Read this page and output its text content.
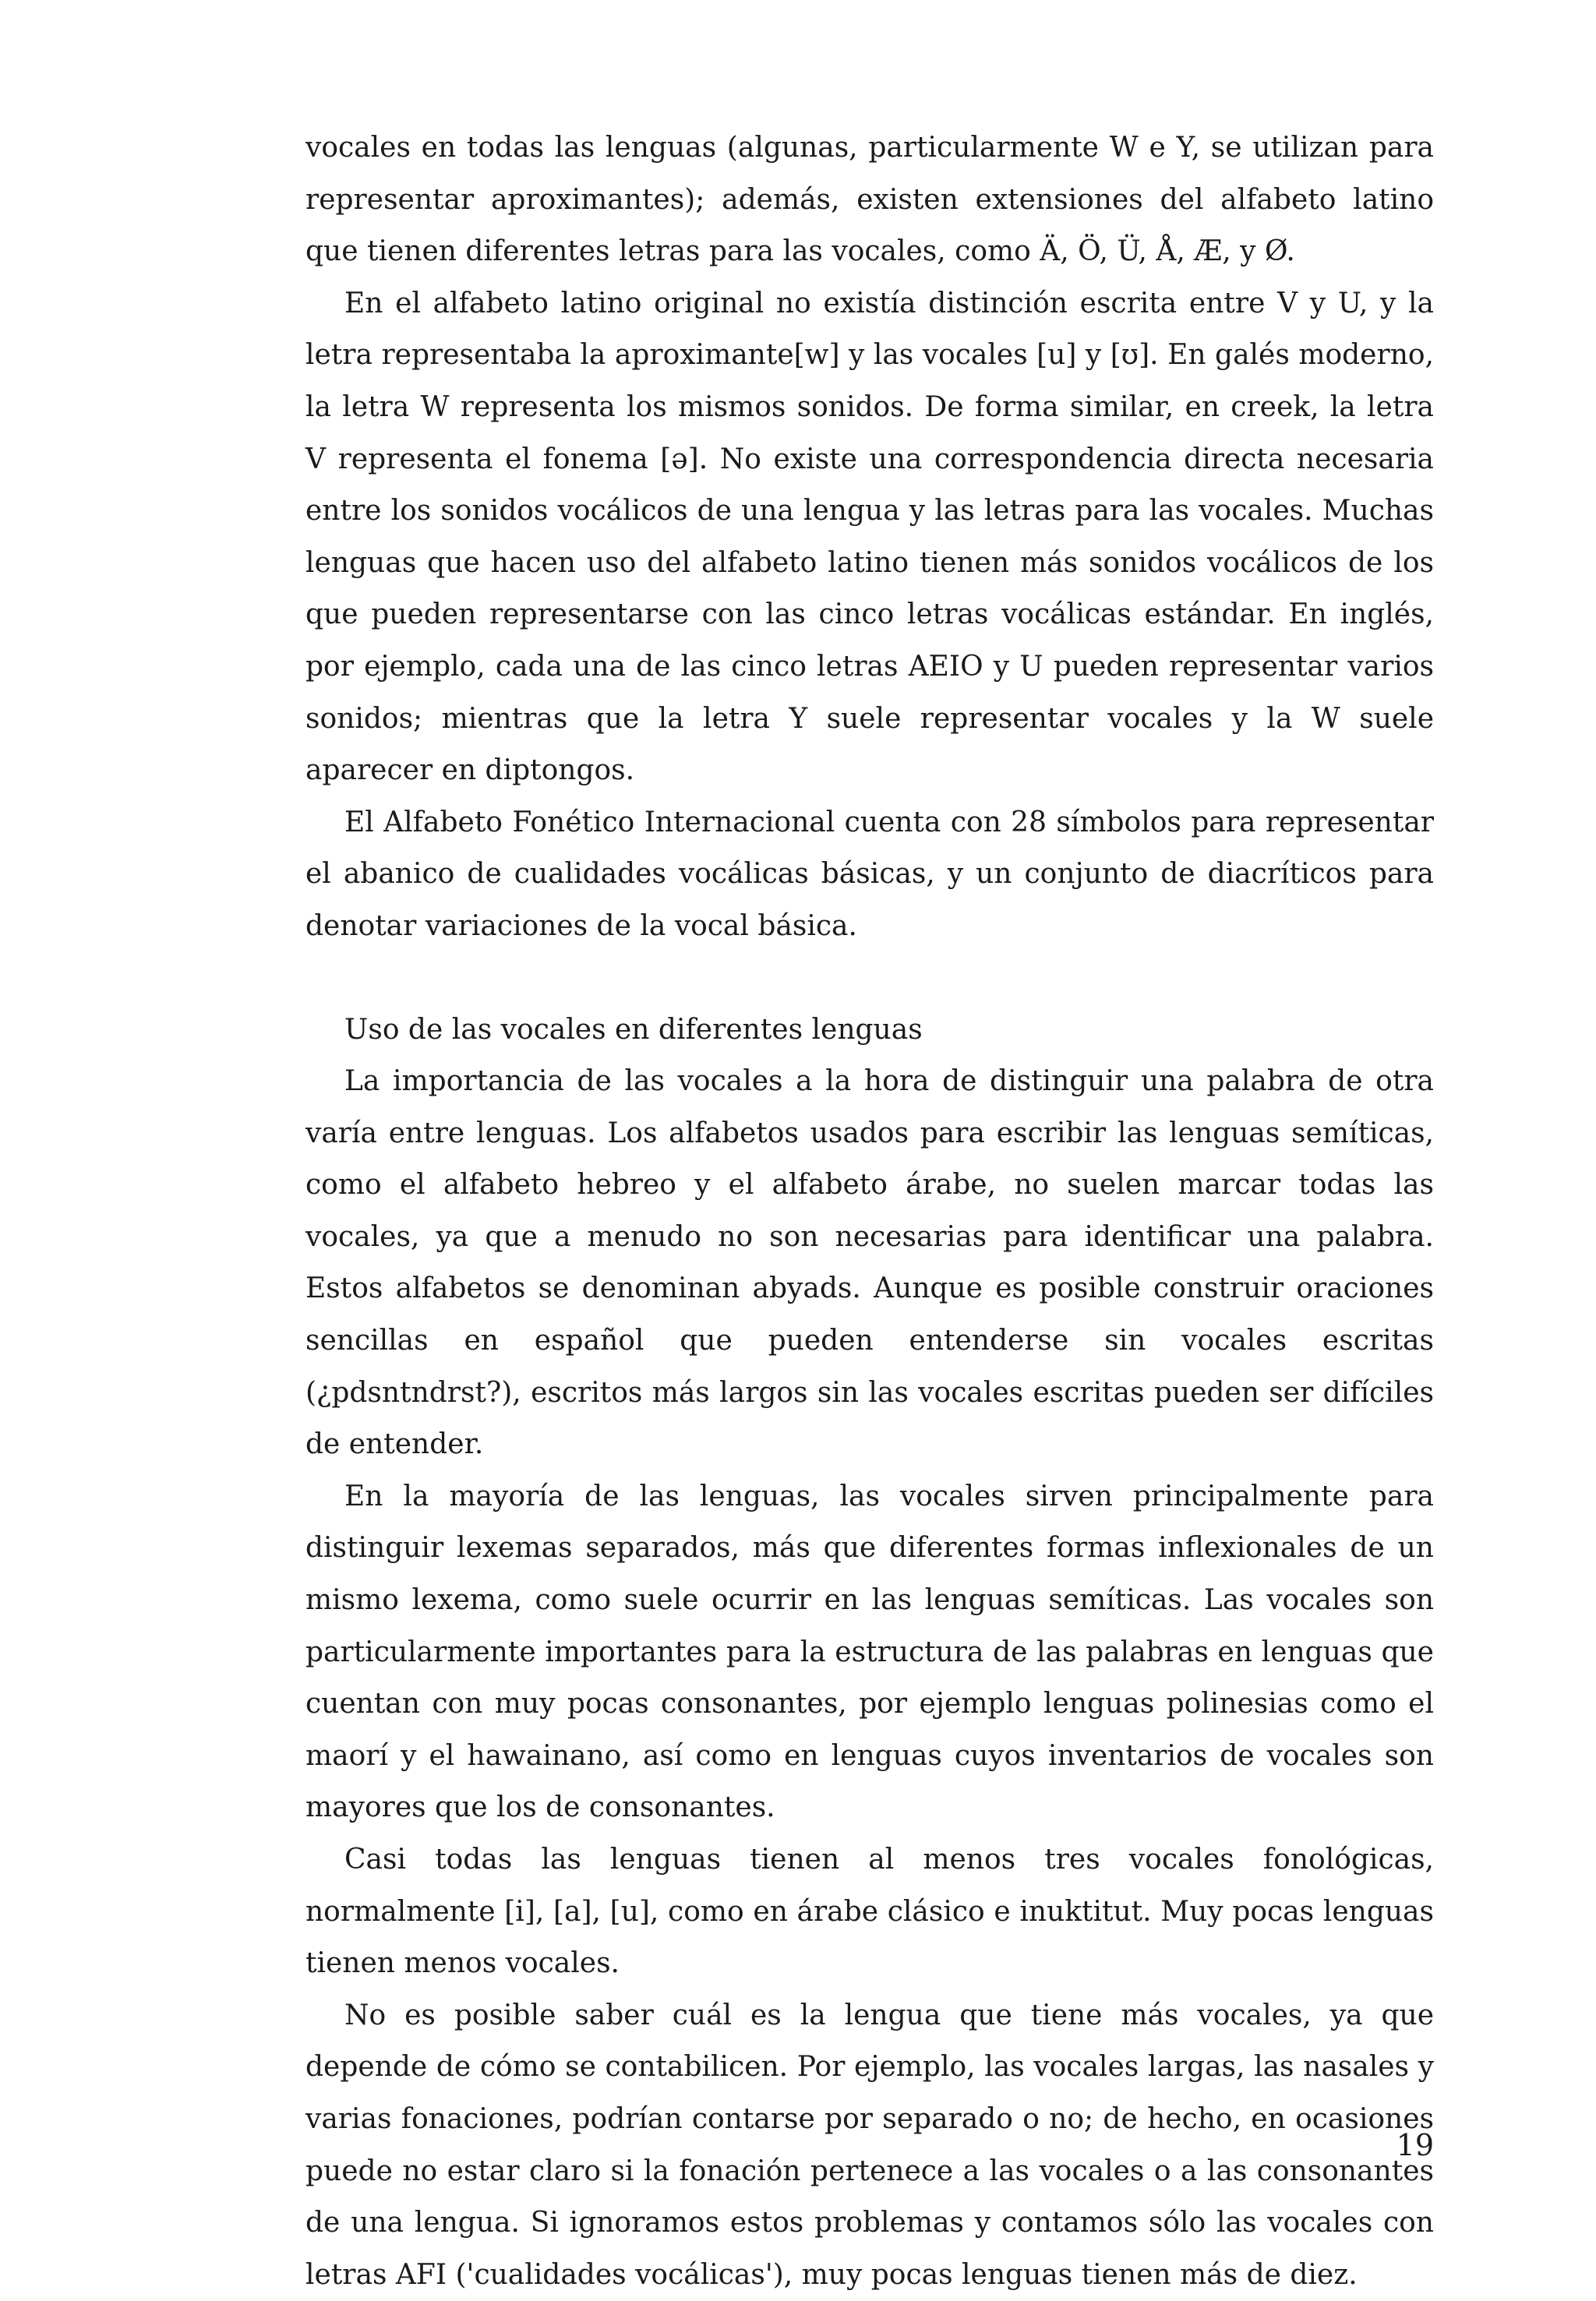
vocales en todas las lenguas (algunas, particularmente W e Y, se utilizan para representar aproximantes); además, existen extensiones del alfabeto latino que tienen diferentes letras para las vocales, como Ä, Ö, Ü, Å, Æ, y Ø.

En el alfabeto latino original no existía distinción escrita entre V y U, y la letra representaba la aproximante[w] y las vocales [u] y [ʊ]. En galés moderno, la letra W representa los mismos sonidos. De forma similar, en creek, la letra V representa el fonema [ə]. No existe una correspondencia directa necesaria entre los sonidos vocálicos de una lengua y las letras para las vocales. Muchas lenguas que hacen uso del alfabeto latino tienen más sonidos vocálicos de los que pueden representarse con las cinco letras vocálicas estándar. En inglés, por ejemplo, cada una de las cinco letras AEIO y U pueden representar varios sonidos; mientras que la letra Y suele representar vocales y la W suele aparecer en diptongos.

El Alfabeto Fonético Internacional cuenta con 28 símbolos para representar el abanico de cualidades vocálicas básicas, y un conjunto de diacríticos para denotar variaciones de la vocal básica.

Uso de las vocales en diferentes lenguas

La importancia de las vocales a la hora de distinguir una palabra de otra varía entre lenguas. Los alfabetos usados para escribir las lenguas semíticas, como el alfabeto hebreo y el alfabeto árabe, no suelen marcar todas las vocales, ya que a menudo no son necesarias para identificar una palabra. Estos alfabetos se denominan abyads. Aunque es posible construir oraciones sencillas en español que pueden entenderse sin vocales escritas (¿pdsntndrst?), escritos más largos sin las vocales escritas pueden ser difíciles de entender.

En la mayoría de las lenguas, las vocales sirven principalmente para distinguir lexemas separados, más que diferentes formas inflexionales de un mismo lexema, como suele ocurrir en las lenguas semíticas. Las vocales son particularmente importantes para la estructura de las palabras en lenguas que cuentan con muy pocas consonantes, por ejemplo lenguas polinesias como el maorí y el hawainano, así como en lenguas cuyos inventarios de vocales son mayores que los de consonantes.

Casi todas las lenguas tienen al menos tres vocales fonológicas, normalmente [i], [a], [u], como en árabe clásico e inuktitut. Muy pocas lenguas tienen menos vocales.

No es posible saber cuál es la lengua que tiene más vocales, ya que depende de cómo se contabilicen. Por ejemplo, las vocales largas, las nasales y varias fonaciones, podrían contarse por separado o no; de hecho, en ocasiones puede no estar claro si la fonación pertenece a las vocales o a las consonantes de una lengua. Si ignoramos estos problemas y contamos sólo las vocales con letras AFI ('cualidades vocálicas'), muy pocas lenguas tienen más de diez.

19
